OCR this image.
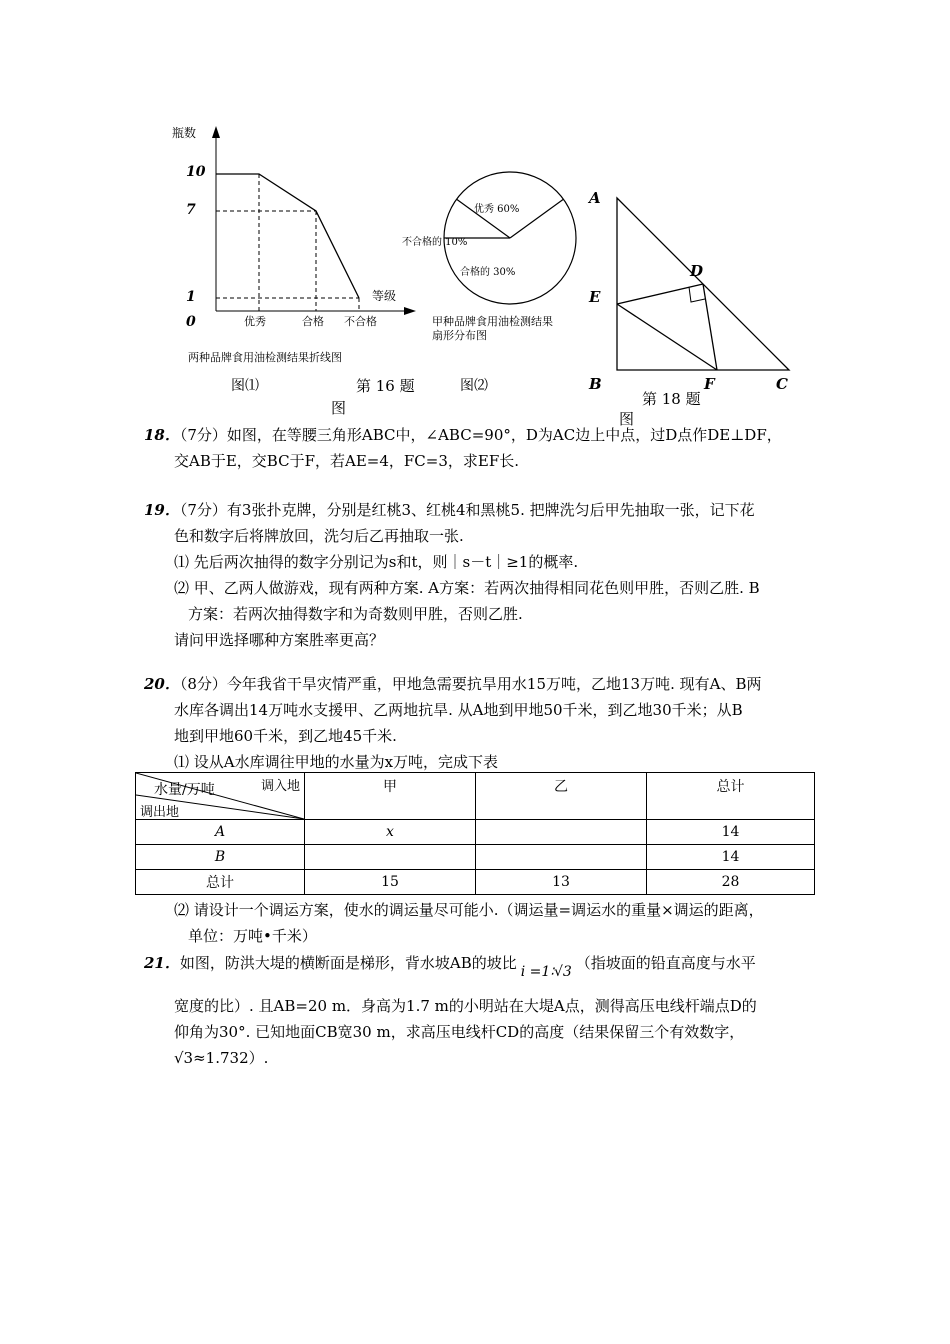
瓶数
等级
10
7
1
0	优秀	合格 不合格
两种品牌食用油检测结果折线图
图⑴
优秀 60%
不合格的 10%
合格的 30%
甲种品牌食用油检测结果
扇形分布图
图⑵
第 16 题
图
A
D
E
B	F	C
第 18 题
图
18．（7分）如图，在等腰三角形ABC中，∠ABC=90°，D为AC边上中点，过D点作DE⊥DF，
交AB于E，交BC于F，若AE=4，FC=3，求EF长.
19．（7分）有3张扑克牌，分别是红桃3、红桃4和黑桃5. 把牌洗匀后甲先抽取一张，记下花
色和数字后将牌放回，洗匀后乙再抽取一张.
⑴ 先后两次抽得的数字分别记为s和t，则｜s－t｜≥1的概率.
⑵ 甲、乙两人做游戏，现有两种方案. A方案：若两次抽得相同花色则甲胜，否则乙胜. B
方案：若两次抽得数字和为奇数则甲胜，否则乙胜.
请问甲选择哪种方案胜率更高？
20．（8分）今年我省干旱灾情严重，甲地急需要抗旱用水15万吨，乙地13万吨. 现有A、B两
水库各调出14万吨水支援甲、乙两地抗旱. 从A地到甲地50千米，到乙地30千米；从B
地到甲地60千米，到乙地45千米.
⑴ 设从A水库调往甲地的水量为x万吨，完成下表
调入地
水量/万吨
调出地	甲	乙	总计
A	x		14
B			14
总计	15	13	28
⑵ 请设计一个调运方案，使水的调运量尽可能小.（调运量=调运水的重量×调运的距离，
单位：万吨•千米）
21．如图，防洪大堤的横断面是梯形，背水坡AB的坡比 i =1∶√3 （指坡面的铅直高度与水平
宽度的比）. 且AB=20 m．身高为1.7 m的小明站在大堤A点，测得高压电线杆端点D的
仰角为30°. 已知地面CB宽30 m，求高压电线杆CD的高度（结果保留三个有效数字，
√3≈1.732）.
